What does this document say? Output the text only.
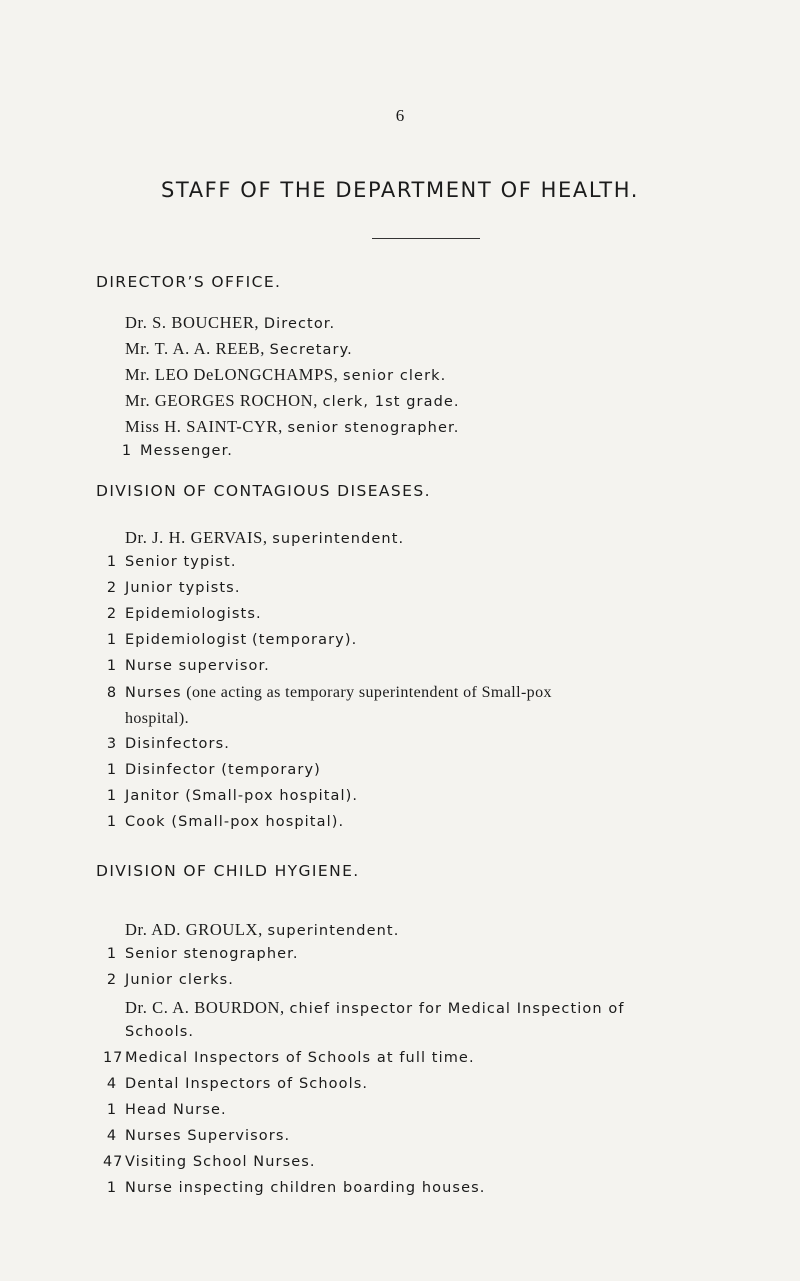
6
STAFF OF THE DEPARTMENT OF HEALTH.
DIRECTOR’S OFFICE.
Dr. S. BOUCHER, Director.
Mr. T. A. A. REEB, Secretary.
Mr. LEO DeLONGCHAMPS, senior clerk.
Mr. GEORGES ROCHON, clerk, 1st grade.
Miss H. SAINT-CYR, senior stenographer.
1 Messenger.
DIVISION OF CONTAGIOUS DISEASES.
Dr. J. H. GERVAIS, superintendent.
1 Senior typist.
2 Junior typists.
2 Epidemiologists.
1 Epidemiologist (temporary).
1 Nurse supervisor.
8 Nurses (one acting as temporary superintendent of Small-pox
hospital).
3 Disinfectors.
1 Disinfector (temporary)
1 Janitor (Small-pox hospital).
1 Cook (Small-pox hospital).
DIVISION OF CHILD HYGIENE.
Dr. AD. GROULX, superintendent.
1 Senior stenographer.
2 Junior clerks.
Dr. C. A. BOURDON, chief inspector for Medical Inspection of
Schools.
17 Medical Inspectors of Schools at full time.
4 Dental Inspectors of Schools.
1 Head Nurse.
4 Nurses Supervisors.
47 Visiting School Nurses.
1 Nurse inspecting children boarding houses.
